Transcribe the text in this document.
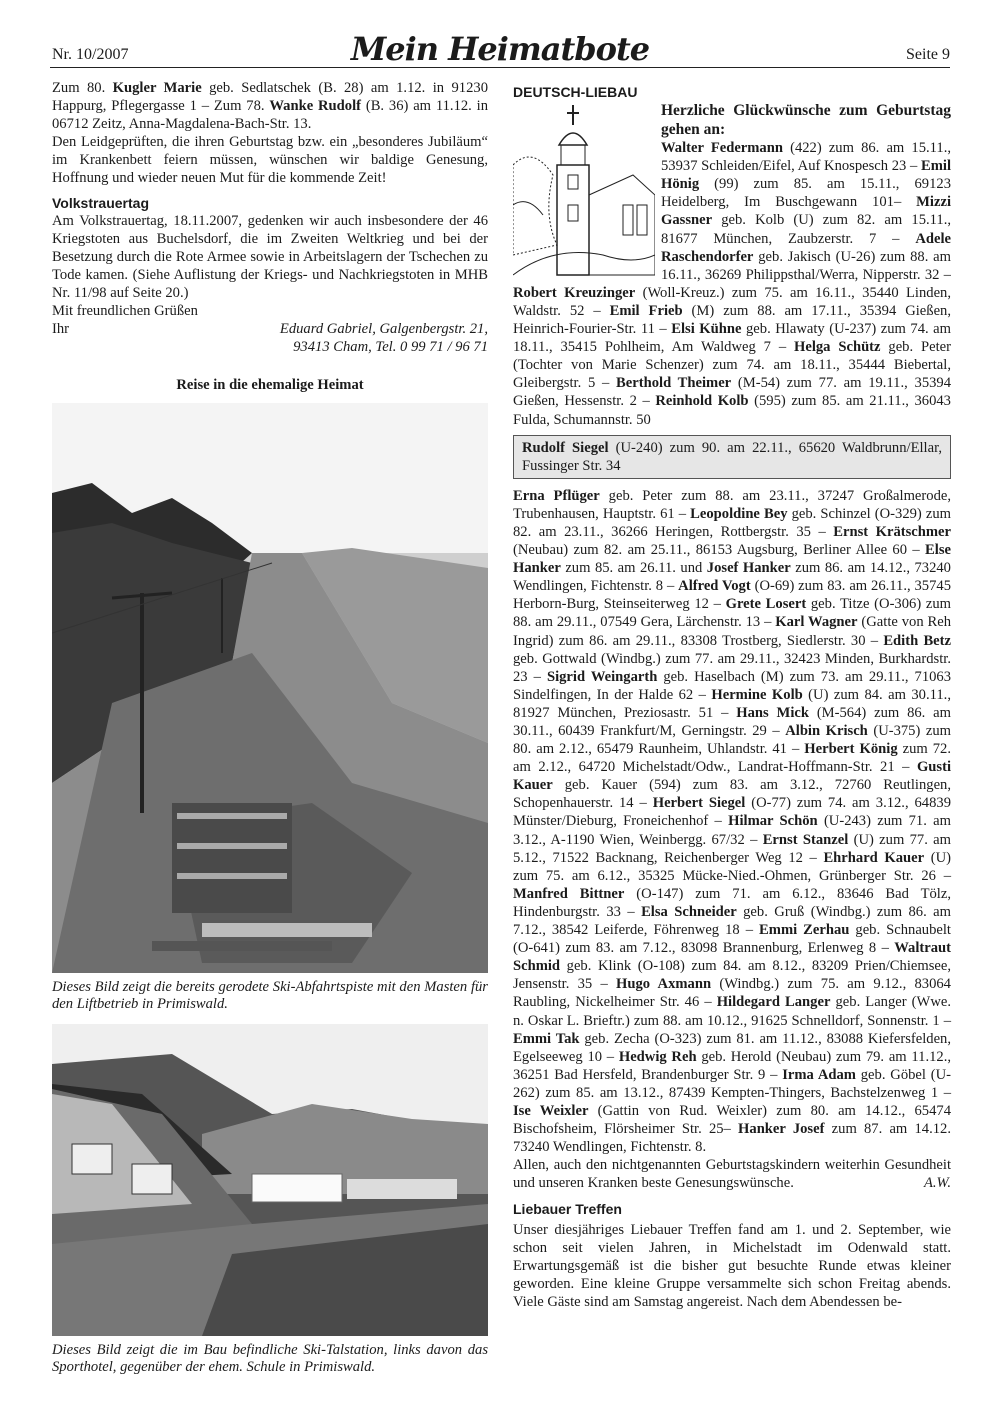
Nr. 10/2007	Mein Heimatbote	Seite 9

Zum 80. Kugler Marie geb. Sedlatschek (B. 28) am 1.12. in 91230 Happurg, Pflegergasse 1 – Zum 78. Wanke Rudolf (B. 36) am 11.12. in 06712 Zeitz, Anna-Magdalena-Bach-Str. 13.

Den Leidgeprüften, die ihren Geburtstag bzw. ein „besonderes Jubiläum“ im Krankenbett feiern müssen, wünschen wir baldige Genesung, Hoffnung und wieder neuen Mut für die kommende Zeit!

Volkstrauertag

Am Volkstrauertag, 18.11.2007, gedenken wir auch insbesondere der 46 Kriegstoten aus Buchelsdorf, die im Zweiten Weltkrieg und bei der Besetzung durch die Rote Armee sowie in Arbeitslagern der Tschechen zu Tode kamen. (Siehe Auflistung der Kriegs- und Nachkriegstoten in MHB Nr. 11/98 auf Seite 20.)

Mit freundlichen Grüßen

Ihr	Eduard Gabriel, Galgenbergstr. 21,
93413 Cham, Tel. 0 99 71 / 96 71
Reise in die ehemalige Heimat
Dieses Bild zeigt die bereits gerodete Ski-Abfahrtspiste mit den Masten für den Liftbetrieb in Primiswald.
Dieses Bild zeigt die im Bau befindliche Ski-Talstation, links davon das Sporthotel, gegenüber der ehem. Schule in Primiswald.
DEUTSCH-LIEBAU
Herzliche Glückwünsche zum Geburtstag gehen an:
Walter Federmann (422) zum 86. am 15.11., 53937 Schleiden/Eifel, Auf Knospesch 23 – Emil Hönig (99) zum 85. am 15.11., 69123 Heidelberg, Im Buschgewann 101– Mizzi Gassner geb. Kolb (U) zum 82. am 15.11., 81677 München, Zaubzerstr. 7 – Adele Raschendorfer geb. Jakisch (U-26) zum 88. am 16.11., 36269 Philippsthal/Werra, Nipperstr. 32 – Robert Kreuzinger (Woll-Kreuz.) zum 75. am 16.11., 35440 Linden, Waldstr. 52 – Emil Frieb (M) zum 88. am 17.11., 35394 Gießen, Heinrich-Fourier-Str. 11 – Elsi Kühne geb. Hlawaty (U-237) zum 74. am 18.11., 35415 Pohlheim, Am Waldweg 7 – Helga Schütz geb. Peter (Tochter von Marie Schenzer) zum 74. am 18.11., 35444 Biebertal, Gleibergstr. 5 – Berthold Theimer (M-54) zum 77. am 19.11., 35394 Gießen, Hessenstr. 2 – Reinhold Kolb (595) zum 85. am 21.11., 36043 Fulda, Schumannstr. 50
Rudolf Siegel (U-240) zum 90. am 22.11., 65620 Waldbrunn/Ellar, Fussinger Str. 34
Erna Pflüger geb. Peter zum 88. am 23.11., 37247 Großalmerode, Trubenhausen, Hauptstr. 61 – Leopoldine Bey geb. Schinzel (O-329) zum 82. am 23.11., 36266 Heringen, Rottbergstr. 35 – Ernst Krätschmer (Neubau) zum 82. am 25.11., 86153 Augsburg, Berliner Allee 60 – Else Hanker zum 85. am 26.11. und Josef Hanker zum 86. am 14.12., 73240 Wendlingen, Fichtenstr. 8 – Alfred Vogt (O-69) zum 83. am 26.11., 35745 Herborn-Burg, Steinseiterweg 12 – Grete Losert geb. Titze (O-306) zum 88. am 29.11., 07549 Gera, Lärchenstr. 13 – Karl Wagner (Gatte von Reh Ingrid) zum 86. am 29.11., 83308 Trostberg, Siedlerstr. 30 – Edith Betz geb. Gottwald (Windbg.) zum 77. am 29.11., 32423 Minden, Burkhardstr. 23 – Sigrid Weingarth geb. Haselbach (M) zum 73. am 29.11., 71063 Sindelfingen, In der Halde 62 – Hermine Kolb (U) zum 84. am 30.11., 81927 München, Preziosastr. 51 – Hans Mick (M-564) zum 86. am 30.11., 60439 Frankfurt/M, Gerningstr. 29 – Albin Krisch (U-375) zum 80. am 2.12., 65479 Raunheim, Uhlandstr. 41 – Herbert König zum 72. am 2.12., 64720 Michelstadt/Odw., Landrat-Hoffmann-Str. 21 – Gusti Kauer geb. Kauer (594) zum 83. am 3.12., 72760 Reutlingen, Schopenhauerstr. 14 – Herbert Siegel (O-77) zum 74. am 3.12., 64839 Münster/Dieburg, Froneichenhof – Hilmar Schön (U-243) zum 71. am 3.12., A-1190 Wien, Weinbergg. 67/32 – Ernst Stanzel (U) zum 77. am 5.12., 71522 Backnang, Reichenberger Weg 12 – Ehrhard Kauer (U) zum 75. am 6.12., 35325 Mücke-Nied.-Ohmen, Grünberger Str. 26 – Manfred Bittner (O-147) zum 71. am 6.12., 83646 Bad Tölz, Hindenburgstr. 33 – Elsa Schneider geb. Gruß (Windbg.) zum 86. am 7.12., 38542 Leiferde, Föhrenweg 18 – Emmi Zerhau geb. Schnaubelt (O-641) zum 83. am 7.12., 83098 Brannenburg, Erlenweg 8 – Waltraut Schmid geb. Klink (O-108) zum 84. am 8.12., 83209 Prien/Chiemsee, Jensenstr. 35 – Hugo Axmann (Windbg.) zum 75. am 9.12., 83064 Raubling, Nickelheimer Str. 46 – Hildegard Langer geb. Langer (Wwe. n. Oskar L. Brieftr.) zum 88. am 10.12., 91625 Schnelldorf, Sonnenstr. 1 – Emmi Tak geb. Zecha (O-323) zum 81. am 11.12., 83088 Kiefersfelden, Egelseeweg 10 – Hedwig Reh geb. Herold (Neubau) zum 79. am 11.12., 36251 Bad Hersfeld, Brandenburger Str. 9 – Irma Adam geb. Göbel (U-262) zum 85. am 13.12., 87439 Kempten-Thingers, Bachstelzenweg 1 – Ise Weixler (Gattin von Rud. Weixler) zum 80. am 14.12., 65474 Bischofsheim, Flörsheimer Str. 25– Hanker Josef zum 87. am 14.12. 73240 Wendlingen, Fichtenstr. 8.
Allen, auch den nichtgenannten Geburtstagskindern weiterhin Gesundheit und unseren Kranken beste Genesungswünsche.	A.W.
Liebauer Treffen

Unser diesjähriges Liebauer Treffen fand am 1. und 2. September, wie schon seit vielen Jahren, in Michelstadt im Odenwald statt. Erwartungsgemäß ist die bisher gut besuchte Runde etwas kleiner geworden. Eine kleine Gruppe versammelte sich schon Freitag abends. Viele Gäste sind am Samstag angereist. Nach dem Abendessen be-
